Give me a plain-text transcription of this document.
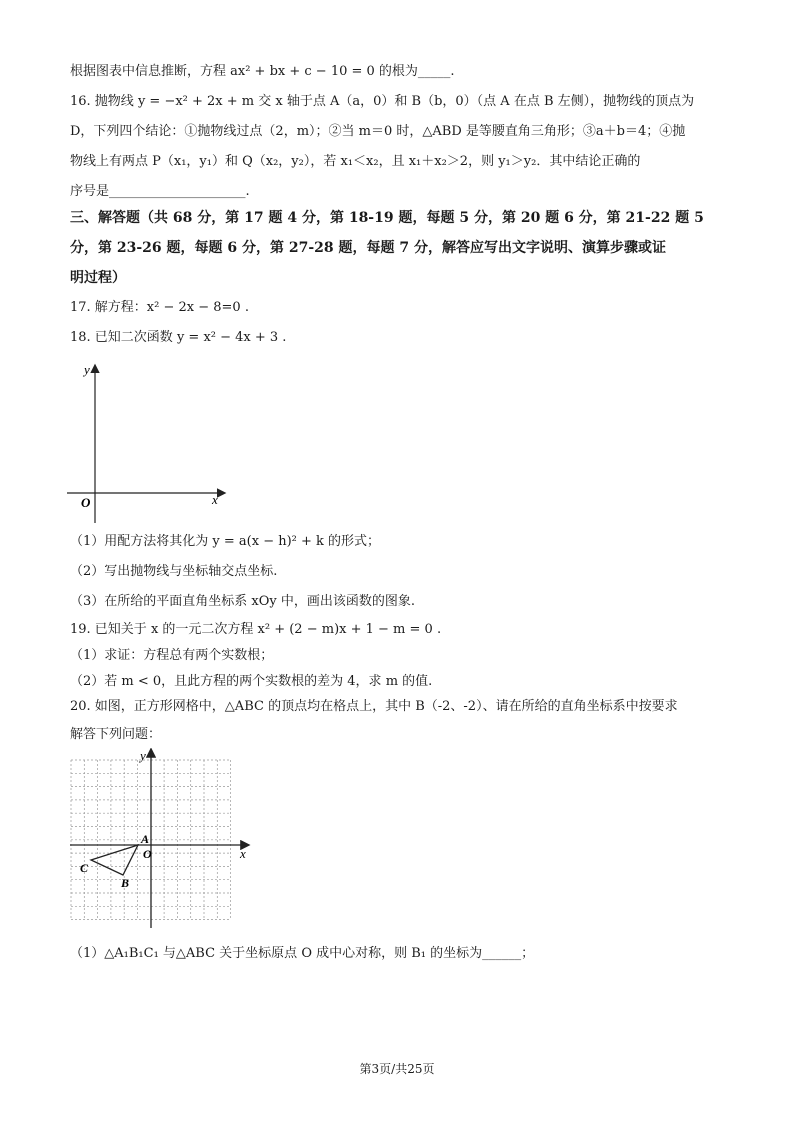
根据图表中信息推断，方程 ax² + bx + c − 10 = 0 的根为_____.
16. 抛物线 y = −x² + 2x + m 交 x 轴于点 A（a，0）和 B（b，0）（点 A 在点 B 左侧），抛物线的顶点为
D，下列四个结论：①抛物线过点（2，m）；②当 m＝0 时，△ABD 是等腰直角三角形；③a＋b＝4；④抛
物线上有两点 P（x₁，y₁）和 Q（x₂，y₂），若 x₁＜x₂，且 x₁＋x₂＞2，则 y₁＞y₂．其中结论正确的
序号是_____________________.
三、解答题（共 68 分，第 17 题 4 分，第 18-19 题，每题 5 分，第 20 题 6 分，第 21-22 题 5
分，第 23-26 题，每题 6 分，第 27-28 题，每题 7 分，解答应写出文字说明、演算步骤或证
明过程）
17. 解方程：x² − 2x − 8=0 .
18. 已知二次函数 y = x² − 4x + 3 .
y
x
O
（1）用配方法将其化为 y = a(x − h)² + k 的形式；
（2）写出抛物线与坐标轴交点坐标.
（3）在所给的平面直角坐标系 xOy 中，画出该函数的图象.
19. 已知关于 x 的一元二次方程 x² + (2 − m)x + 1 − m = 0 .
（1）求证：方程总有两个实数根；
（2）若 m < 0，且此方程的两个实数根的差为 4，求 m 的值.
20. 如图，正方形网格中，△ABC 的顶点均在格点上，其中 B（-2、-2）、请在所给的直角坐标系中按要求
解答下列问题：
y
x
O
A
C
B
（1）△A₁B₁C₁ 与△ABC 关于坐标原点 O 成中心对称，则 B₁ 的坐标为______；
第3页/共25页
